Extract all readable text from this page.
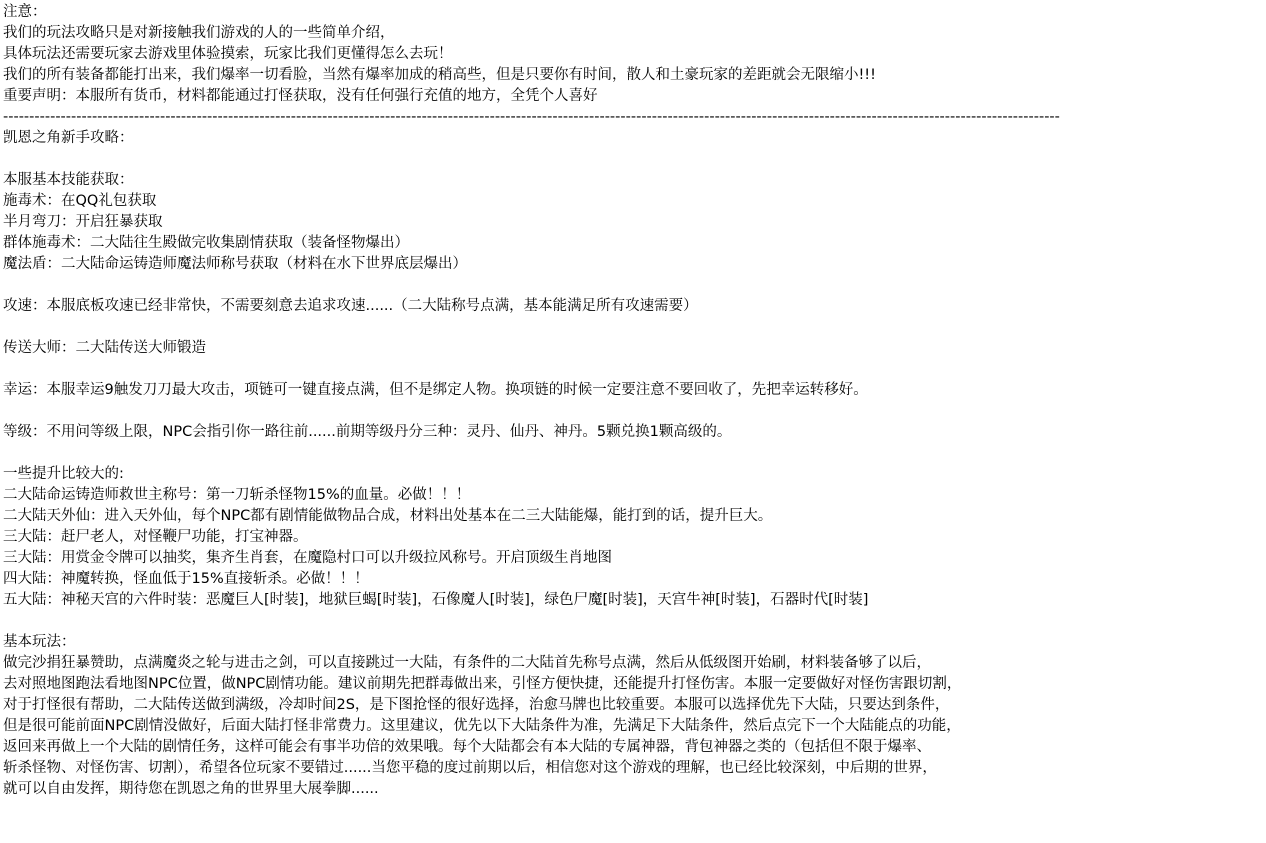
注意：
我们的玩法攻略只是对新接触我们游戏的人的一些简单介绍，
具体玩法还需要玩家去游戏里体验摸索，玩家比我们更懂得怎么去玩！
我们的所有装备都能打出来，我们爆率一切看脸，当然有爆率加成的稍高些，但是只要你有时间，散人和土豪玩家的差距就会无限缩小!!!
重要声明：本服所有货币，材料都能通过打怪获取，没有任何强行充值的地方，全凭个人喜好
----------------------------------------------------------------------------------------------------------------------------------------------------------------------------------------------------------
凯恩之角新手攻略：
本服基本技能获取：
施毒术：在QQ礼包获取
半月弯刀：开启狂暴获取
群体施毒术：二大陆往生殿做完收集剧情获取（装备怪物爆出）
魔法盾：二大陆命运铸造师魔法师称号获取（材料在水下世界底层爆出）
攻速：本服底板攻速已经非常快，不需要刻意去追求攻速......（二大陆称号点满，基本能满足所有攻速需要）
传送大师：二大陆传送大师锻造
幸运：本服幸运9触发刀刀最大攻击，项链可一键直接点满，但不是绑定人物。换项链的时候一定要注意不要回收了，先把幸运转移好。
等级：不用问等级上限，NPC会指引你一路往前......前期等级丹分三种：灵丹、仙丹、神丹。5颗兑换1颗高级的。
一些提升比较大的:
二大陆命运铸造师救世主称号：第一刀斩杀怪物15%的血量。必做！！！
二大陆天外仙：进入天外仙，每个NPC都有剧情能做物品合成，材料出处基本在二三大陆能爆，能打到的话，提升巨大。
三大陆：赶尸老人，对怪鞭尸功能，打宝神器。
三大陆：用赏金令牌可以抽奖，集齐生肖套，在魔隐村口可以升级拉风称号。开启顶级生肖地图
四大陆：神魔转换，怪血低于15%直接斩杀。必做！！！
五大陆：神秘天宫的六件时装：恶魔巨人[时装]，地狱巨蝎[时装]，石像魔人[时装]，绿色尸魔[时装]，天宫牛神[时装]，石器时代[时装]
基本玩法：
做完沙捐狂暴赞助，点满魔炎之轮与进击之剑，可以直接跳过一大陆，有条件的二大陆首先称号点满，然后从低级图开始刷，材料装备够了以后，
去对照地图跑法看地图NPC位置，做NPC剧情功能。建议前期先把群毒做出来，引怪方便快捷，还能提升打怪伤害。本服一定要做好对怪伤害跟切割，
对于打怪很有帮助，二大陆传送做到满级，冷却时间2S，是下图抢怪的很好选择，治愈马牌也比较重要。本服可以选择优先下大陆，只要达到条件，
但是很可能前面NPC剧情没做好，后面大陆打怪非常费力。这里建议，优先以下大陆条件为准，先满足下大陆条件，然后点完下一个大陆能点的功能，
返回来再做上一个大陆的剧情任务，这样可能会有事半功倍的效果哦。每个大陆都会有本大陆的专属神器，背包神器之类的（包括但不限于爆率、
斩杀怪物、对怪伤害、切割），希望各位玩家不要错过......当您平稳的度过前期以后，相信您对这个游戏的理解，也已经比较深刻，中后期的世界，
就可以自由发挥，期待您在凯恩之角的世界里大展拳脚......
